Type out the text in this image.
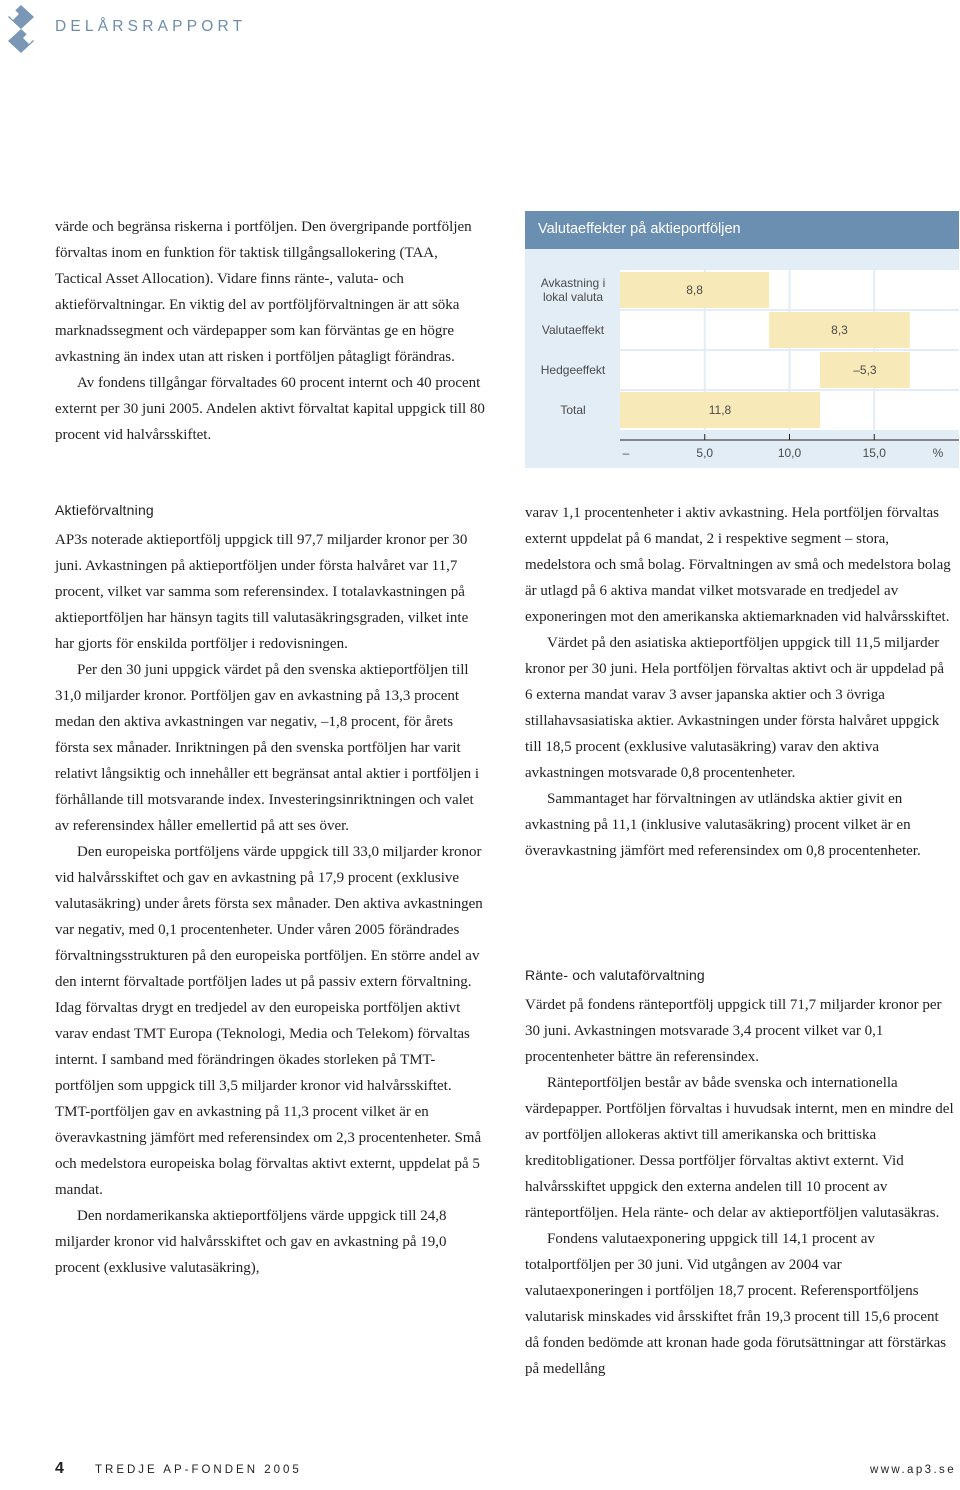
DELÅRSRAPPORT

värde och begränsa riskerna i portföljen. Den övergripande portföljen förvaltas inom en funktion för taktisk tillgångsallokering (TAA, Tactical Asset Allocation). Vidare finns ränte-, valuta- och aktieförvaltningar. En viktig del av portföljförvaltningen är att söka marknadssegment och värdepapper som kan förväntas ge en högre avkastning än index utan att risken i portföljen påtagligt förändras.

Av fondens tillgångar förvaltades 60 procent internt och 40 procent externt per 30 juni 2005. Andelen aktivt förvaltat kapital uppgick till 80 procent vid halvårsskiftet.

Valutaeffekter på aktieportföljen
8,8
8,3
–5,3
11,8
Avkastning i
lokal valuta
Valutaeffekt
Hedgeeffekt
Total
–	5,0	10,0	15,0	%
Aktieförvaltning

AP3s noterade aktieportfölj uppgick till 97,7 miljarder kronor per 30 juni. Avkastningen på aktieportföljen under första halvåret var 11,7 procent, vilket var samma som referensindex. I totalavkastningen på aktieportföljen har hänsyn tagits till valutasäkringsgraden, vilket inte har gjorts för enskilda portföljer i redovisningen.

Per den 30 juni uppgick värdet på den svenska aktieportföljen till 31,0 miljarder kronor. Portföljen gav en avkastning på 13,3 procent medan den aktiva avkastningen var negativ, –1,8 procent, för årets första sex månader. Inriktningen på den svenska portföljen har varit relativt långsiktig och innehåller ett begränsat antal aktier i portföljen i förhållande till motsvarande index. Investeringsinriktningen och valet av referensindex håller emellertid på att ses över.

Den europeiska portföljens värde uppgick till 33,0 miljarder kronor vid halvårsskiftet och gav en avkastning på 17,9 procent (exklusive valutasäkring) under årets första sex månader. Den aktiva avkastningen var negativ, med 0,1 procentenheter. Under våren 2005 förändrades förvaltningsstrukturen på den europeiska portföljen. En större andel av den internt förvaltade portföljen lades ut på passiv extern förvaltning. Idag förvaltas drygt en tredjedel av den europeiska portföljen aktivt varav endast TMT Europa (Teknologi, Media och Telekom) förvaltas internt. I samband med förändringen ökades storleken på TMT-portföljen som uppgick till 3,5 miljarder kronor vid halvårsskiftet. TMT-portföljen gav en avkastning på 11,3 procent vilket är en överavkastning jämfört med referensindex om 2,3 procentenheter. Små och medelstora europeiska bolag förvaltas aktivt externt, uppdelat på 5 mandat.

Den nordamerikanska aktieportföljens värde uppgick till 24,8 miljarder kronor vid halvårsskiftet och gav en avkastning på 19,0 procent (exklusive valutasäkring),

varav 1,1 procentenheter i aktiv avkastning. Hela portföljen förvaltas externt uppdelat på 6 mandat, 2 i respektive segment – stora, medelstora och små bolag. Förvaltningen av små och medelstora bolag är utlagd på 6 aktiva mandat vilket motsvarade en tredjedel av exponeringen mot den amerikanska aktiemarknaden vid halvårsskiftet.

Värdet på den asiatiska aktieportföljen uppgick till 11,5 miljarder kronor per 30 juni. Hela portföljen förvaltas aktivt och är uppdelad på 6 externa mandat varav 3 avser japanska aktier och 3 övriga stillahavsasiatiska aktier. Avkastningen under första halvåret uppgick till 18,5 procent (exklusive valutasäkring) varav den aktiva avkastningen motsvarade 0,8 procentenheter.

Sammantaget har förvaltningen av utländska aktier givit en avkastning på 11,1 (inklusive valutasäkring) procent vilket är en överavkastning jämfört med referensindex om 0,8 procentenheter.

Ränte- och valutaförvaltning

Värdet på fondens ränteportfölj uppgick till 71,7 miljarder kronor per 30 juni. Avkastningen motsvarade 3,4 procent vilket var 0,1 procentenheter bättre än referensindex.

Ränteportföljen består av både svenska och internationella värdepapper. Portföljen förvaltas i huvudsak internt, men en mindre del av portföljen allokeras aktivt till amerikanska och brittiska kreditobligationer. Dessa portföljer förvaltas aktivt externt. Vid halvårsskiftet uppgick den externa andelen till 10 procent av ränteportföljen. Hela ränte- och delar av aktieportföljen valutasäkras.

Fondens valutaexponering uppgick till 14,1 procent av totalportföljen per 30 juni. Vid utgången av 2004 var valutaexponeringen i portföljen 18,7 procent. Referensportföljens valutarisk minskades vid årsskiftet från 19,3 procent till 15,6 procent då fonden bedömde att kronan hade goda förutsättningar att förstärkas på medellång

4	TREDJE AP-FONDEN 2005	www.ap3.se
